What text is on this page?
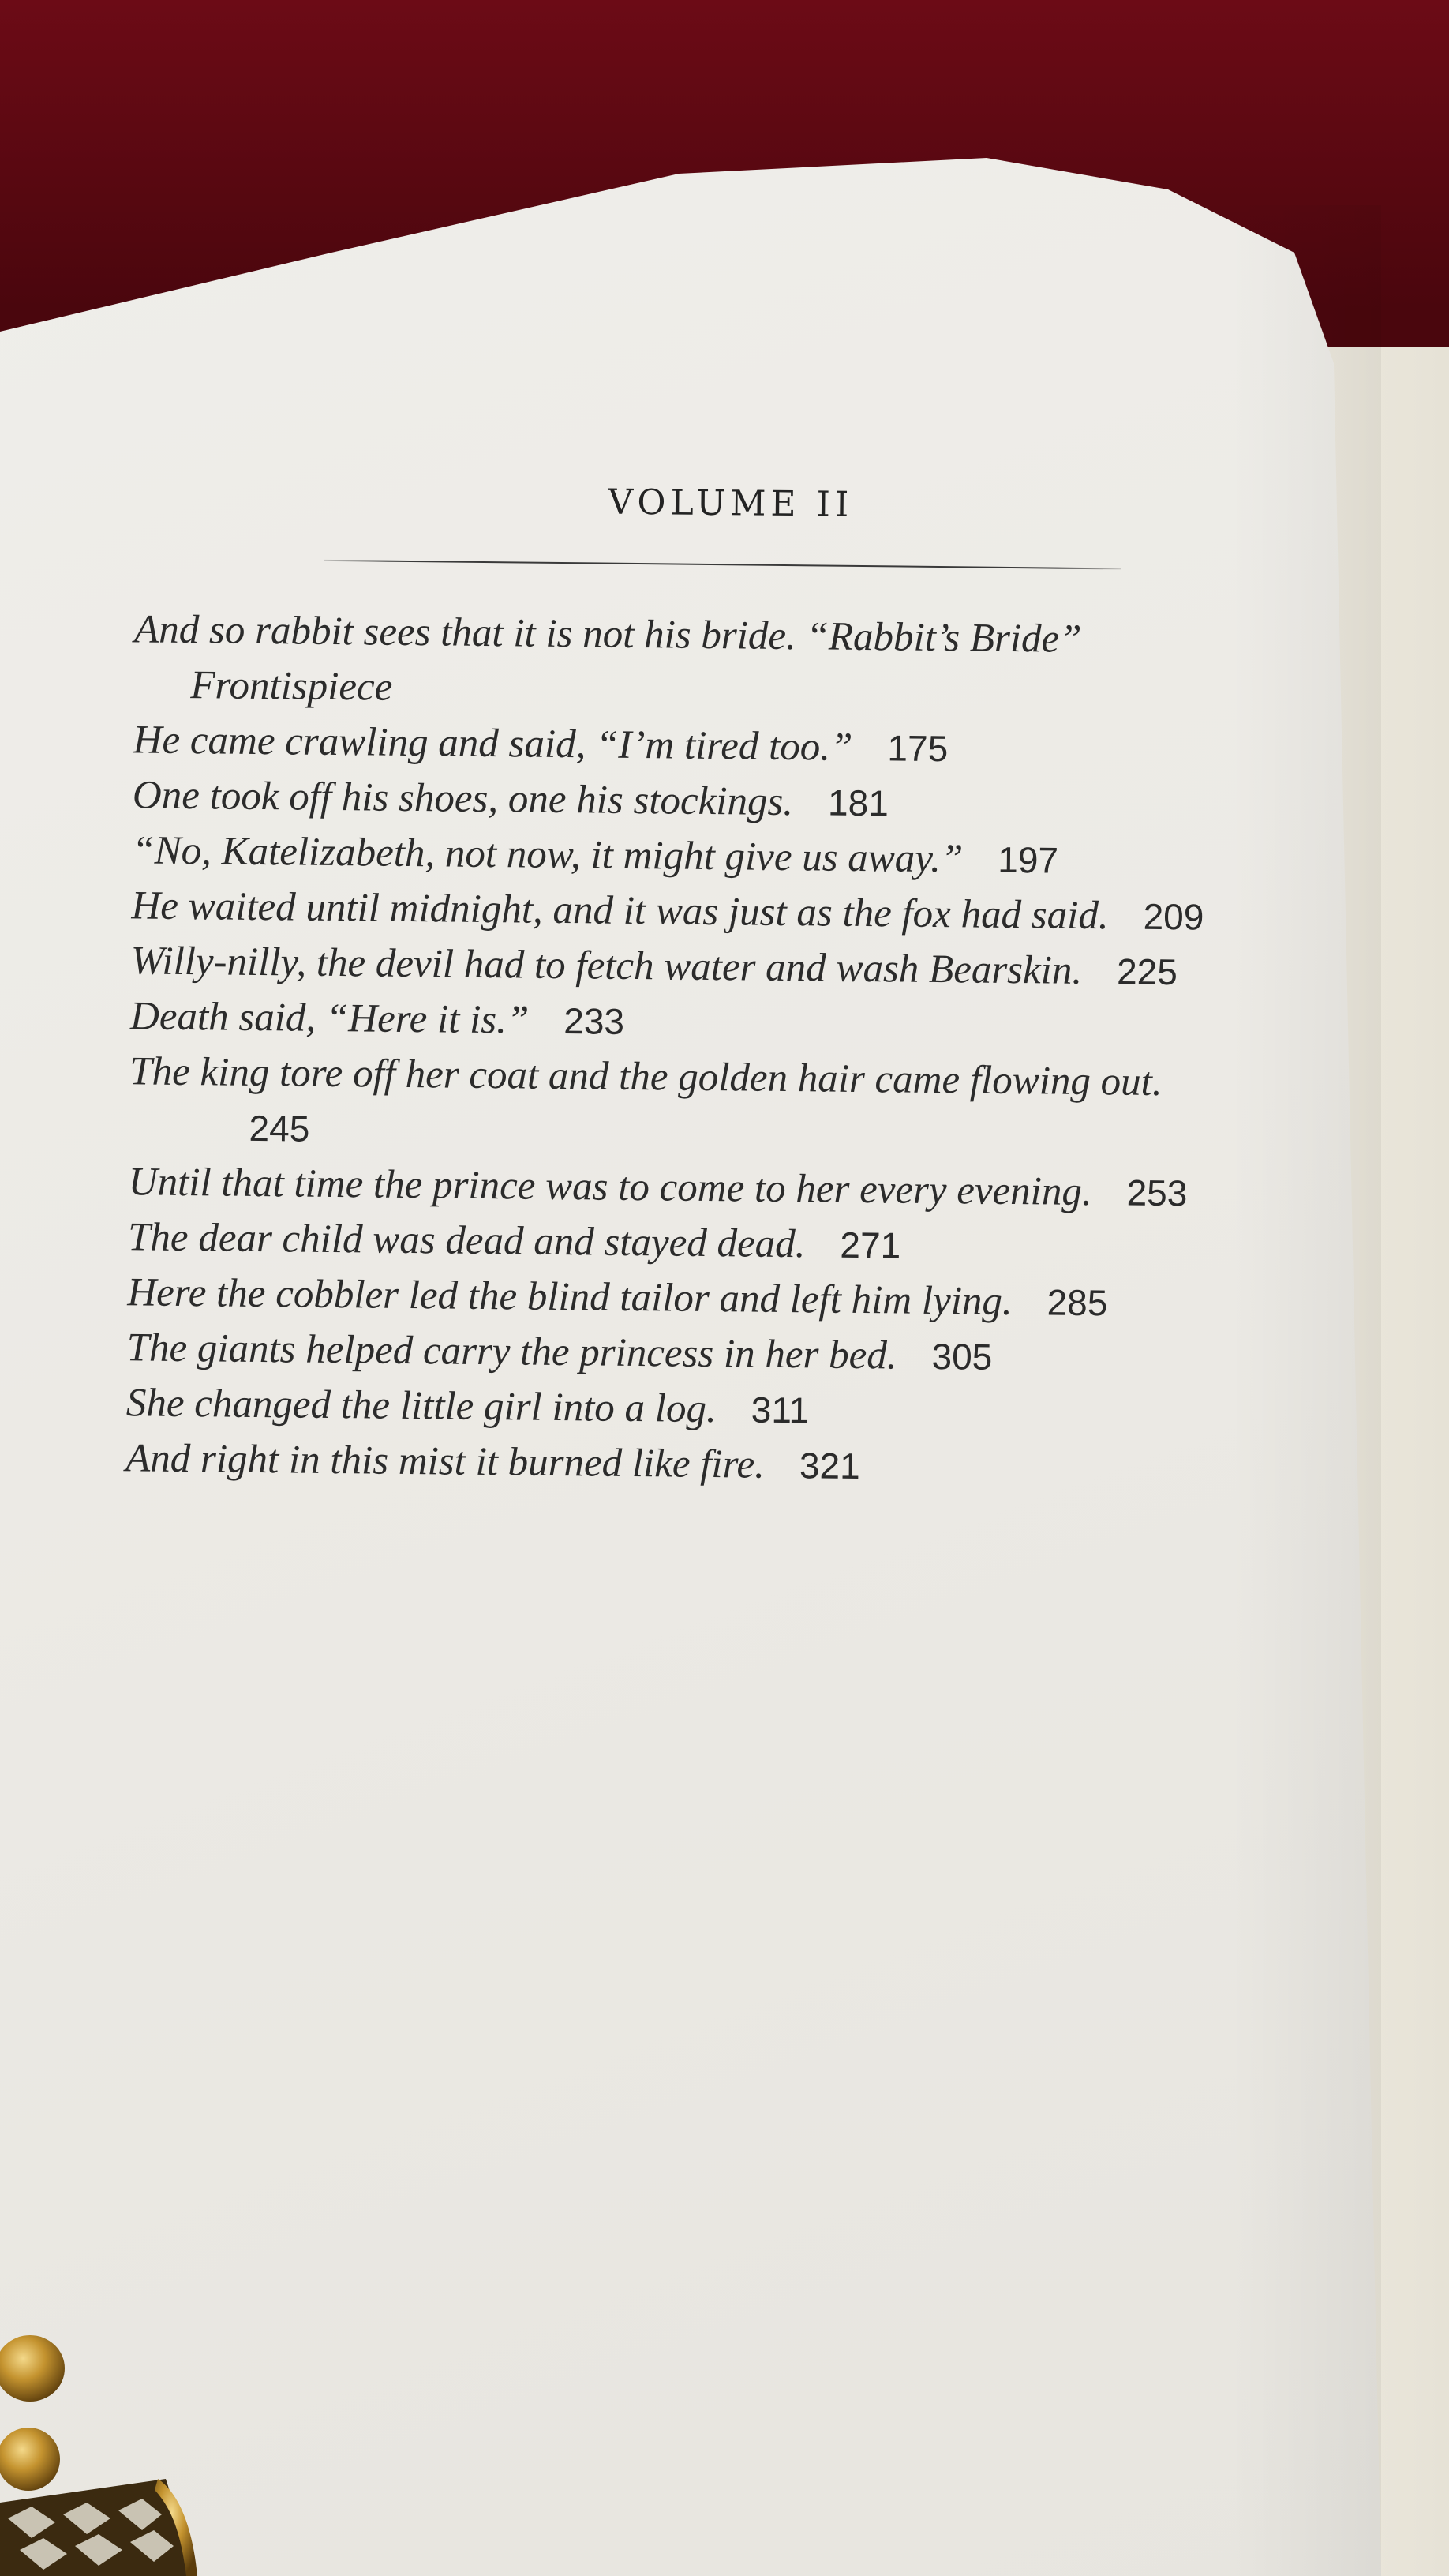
VOLUME II

And so rabbit sees that it is not his bride. “Rabbit’s Bride”

Frontispiece

He came crawling and said, “I’m tired too.” 175

One took off his shoes, one his stockings. 181

“No, Katelizabeth, not now, it might give us away.” 197

He waited until midnight, and it was just as the fox had said. 209

Willy-nilly, the devil had to fetch water and wash Bearskin. 225

Death said, “Here it is.” 233

The king tore off her coat and the golden hair came flowing out.

245

Until that time the prince was to come to her every evening. 253

The dear child was dead and stayed dead. 271

Here the cobbler led the blind tailor and left him lying. 285

The giants helped carry the princess in her bed. 305

She changed the little girl into a log. 311

And right in this mist it burned like fire. 321
